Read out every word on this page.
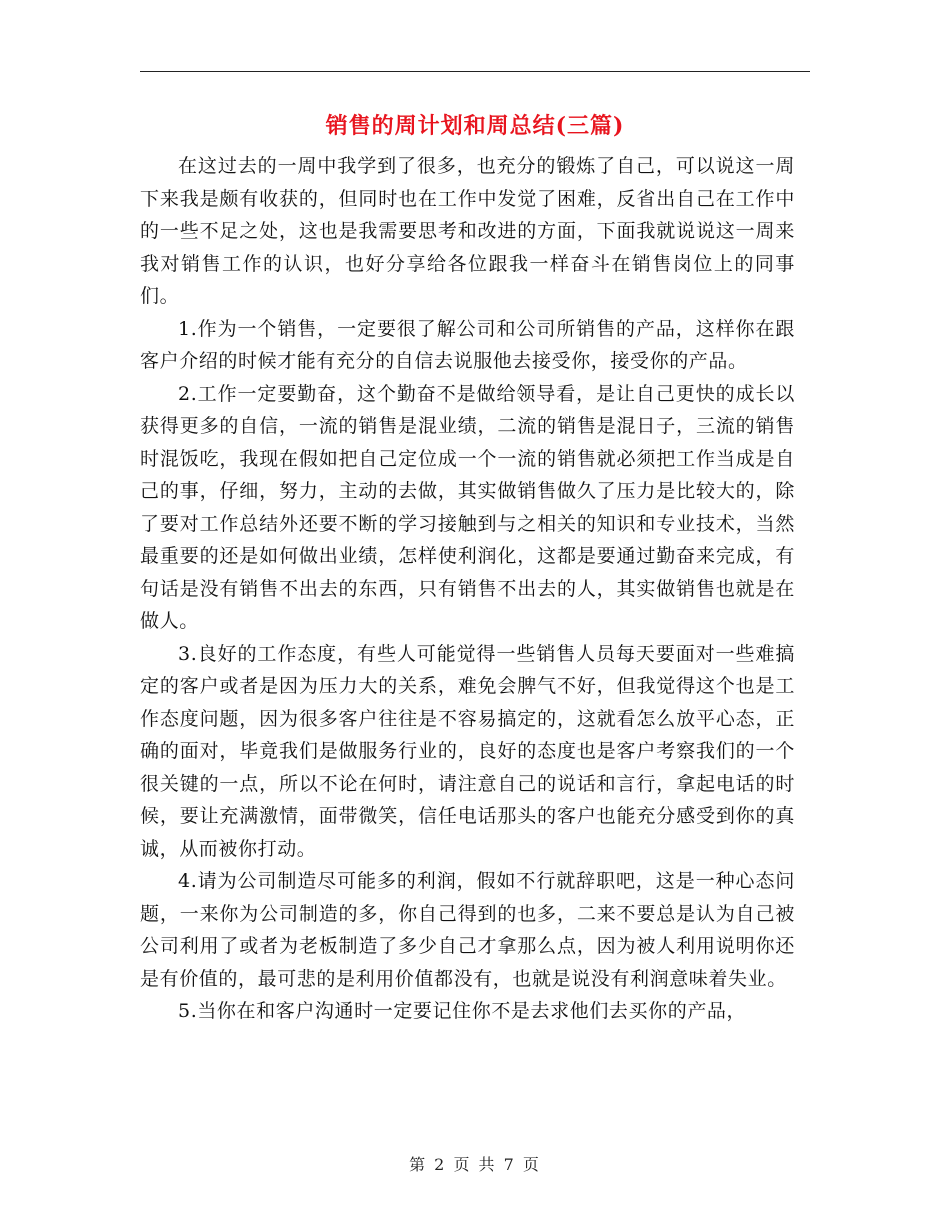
销售的周计划和周总结(三篇)

在这过去的一周中我学到了很多，也充分的锻炼了自己，可以说这一周下来我是颇有收获的，但同时也在工作中发觉了困难，反省出自己在工作中的一些不足之处，这也是我需要思考和改进的方面，下面我就说说这一周来我对销售工作的认识，也好分享给各位跟我一样奋斗在销售岗位上的同事们。

1.作为一个销售，一定要很了解公司和公司所销售的产品，这样你在跟客户介绍的时候才能有充分的自信去说服他去接受你，接受你的产品。

2.工作一定要勤奋，这个勤奋不是做给领导看，是让自己更快的成长以获得更多的自信，一流的销售是混业绩，二流的销售是混日子，三流的销售时混饭吃，我现在假如把自己定位成一个一流的销售就必须把工作当成是自己的事，仔细，努力，主动的去做，其实做销售做久了压力是比较大的，除了要对工作总结外还要不断的学习接触到与之相关的知识和专业技术，当然最重要的还是如何做出业绩，怎样使利润化，这都是要通过勤奋来完成，有句话是没有销售不出去的东西，只有销售不出去的人，其实做销售也就是在做人。

3.良好的工作态度，有些人可能觉得一些销售人员每天要面对一些难搞定的客户或者是因为压力大的关系，难免会脾气不好，但我觉得这个也是工作态度问题，因为很多客户往往是不容易搞定的，这就看怎么放平心态，正确的面对，毕竟我们是做服务行业的，良好的态度也是客户考察我们的一个很关键的一点，所以不论在何时，请注意自己的说话和言行，拿起电话的时候，要让充满激情，面带微笑，信任电话那头的客户也能充分感受到你的真诚，从而被你打动。

4.请为公司制造尽可能多的利润，假如不行就辞职吧，这是一种心态问题，一来你为公司制造的多，你自己得到的也多，二来不要总是认为自己被公司利用了或者为老板制造了多少自己才拿那么点，因为被人利用说明你还是有价值的，最可悲的是利用价值都没有，也就是说没有利润意味着失业。

5.当你在和客户沟通时一定要记住你不是去求他们去买你的产品，

第 2 页 共 7 页
